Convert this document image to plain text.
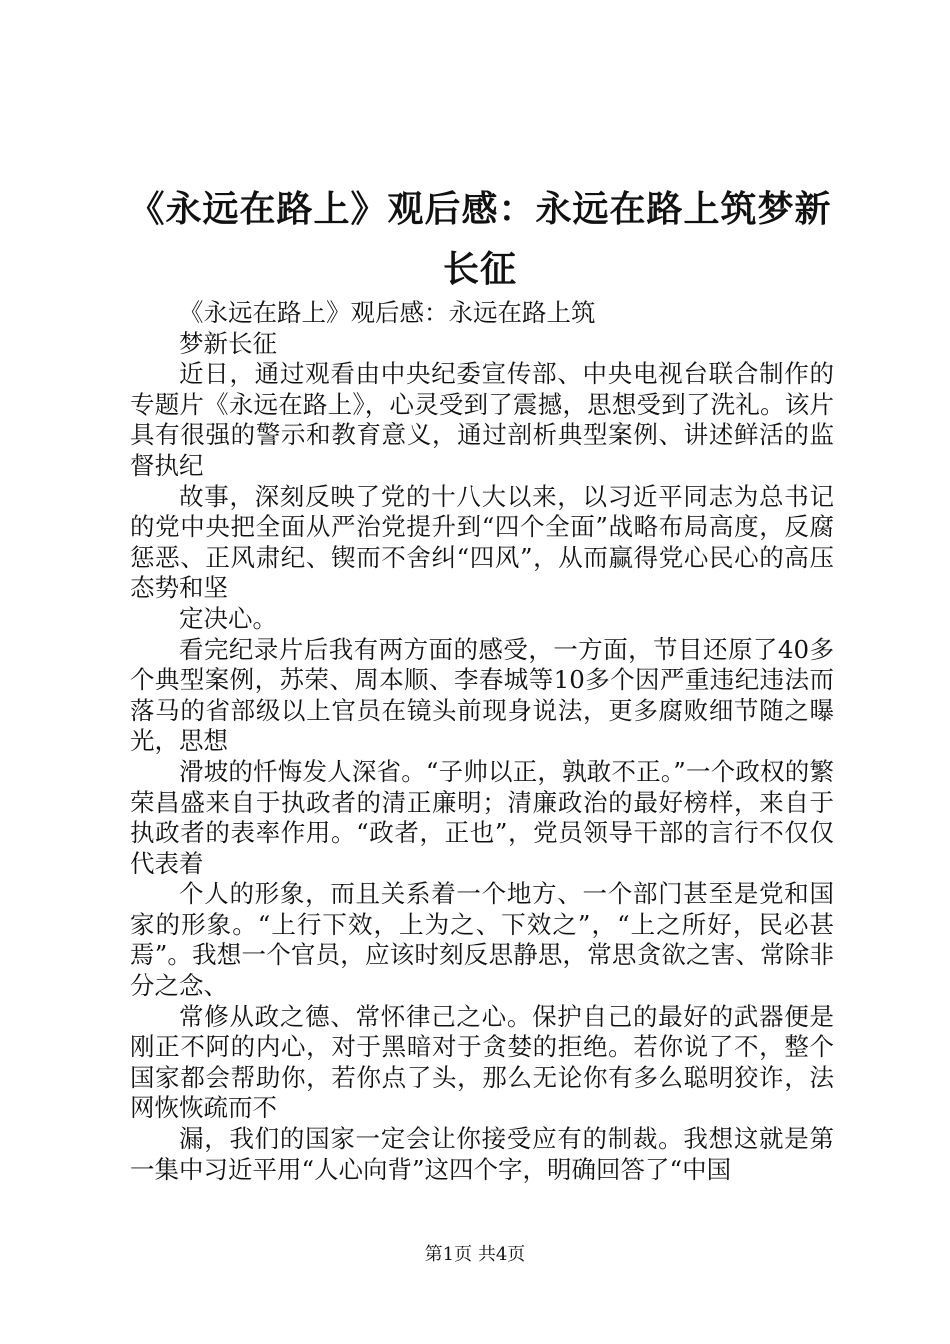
《永远在路上》观后感：永远在路上筑梦新长征

《永远在路上》观后感：永远在路上筑

梦新长征

近日，通过观看由中央纪委宣传部、中央电视台联合制作的专题片《永远在路上》，心灵受到了震撼，思想受到了洗礼。该片具有很强的警示和教育意义，通过剖析典型案例、讲述鲜活的监督执纪

故事，深刻反映了党的十八大以来，以习近平同志为总书记的党中央把全面从严治党提升到“四个全面”战略布局高度，反腐惩恶、正风肃纪、锲而不舍纠“四风”，从而赢得党心民心的高压态势和坚

定决心。

看完纪录片后我有两方面的感受，一方面，节目还原了40多个典型案例，苏荣、周本顺、李春城等10多个因严重违纪违法而落马的省部级以上官员在镜头前现身说法，更多腐败细节随之曝光，思想

滑坡的忏悔发人深省。“子帅以正，孰敢不正。”一个政权的繁荣昌盛来自于执政者的清正廉明；清廉政治的最好榜样，来自于执政者的表率作用。“政者，正也”，党员领导干部的言行不仅仅代表着

个人的形象，而且关系着一个地方、一个部门甚至是党和国家的形象。“上行下效，上为之、下效之”，“上之所好，民必甚焉”。我想一个官员，应该时刻反思静思，常思贪欲之害、常除非分之念、

常修从政之德、常怀律己之心。保护自己的最好的武器便是刚正不阿的内心，对于黑暗对于贪婪的拒绝。若你说了不，整个国家都会帮助你，若你点了头，那么无论你有多么聪明狡诈，法网恢恢疏而不

漏，我们的国家一定会让你接受应有的制裁。我想这就是第一集中习近平用“人心向背”这四个字，明确回答了“中国

第1页 共4页
